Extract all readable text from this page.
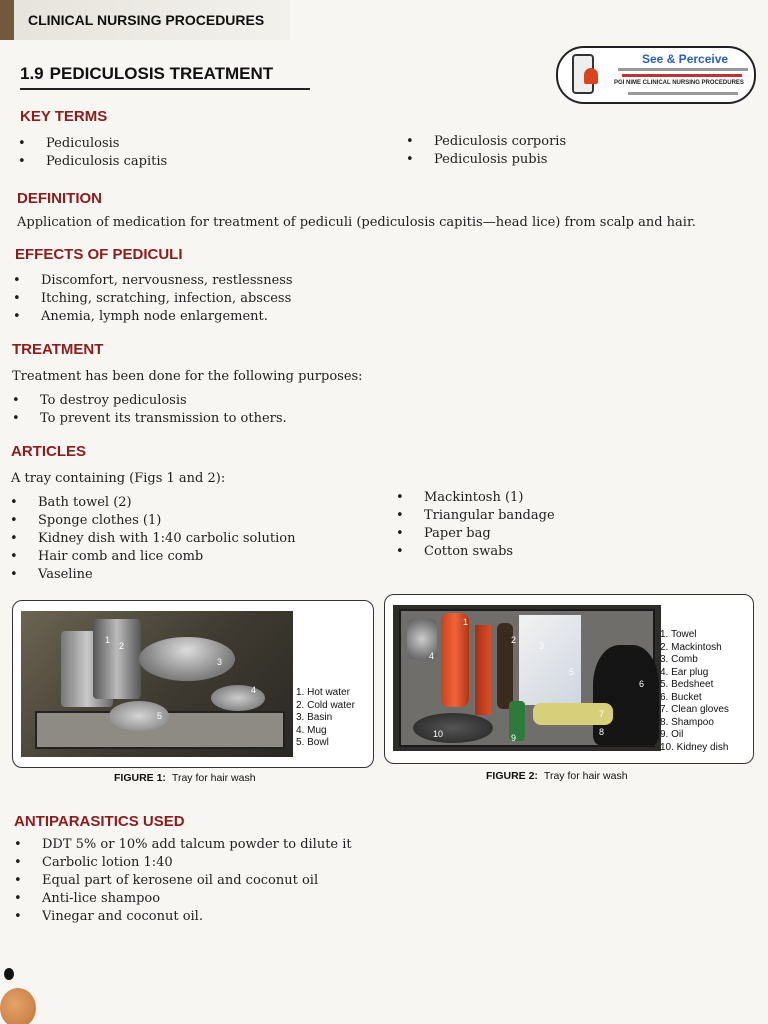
CLINICAL NURSING PROCEDURES
1.9 PEDICULOSIS TREATMENT
See & Perceive
PGI NIME CLINICAL NURSING PROCEDURES
KEY TERMS
• Pediculosis
• Pediculosis capitis
• Pediculosis corporis
• Pediculosis pubis
DEFINITION
Application of medication for treatment of pediculi (pediculosis capitis—head lice) from scalp and hair.
EFFECTS OF PEDICULI
• Discomfort, nervousness, restlessness
• Itching, scratching, infection, abscess
• Anemia, lymph node enlargement.
TREATMENT
Treatment has been done for the following purposes:
• To destroy pediculosis
• To prevent its transmission to others.
ARTICLES
A tray containing (Figs 1 and 2):
• Bath towel (2)
• Sponge clothes (1)
• Kidney dish with 1:40 carbolic solution
• Hair comb and lice comb
• Vaseline
• Mackintosh (1)
• Triangular bandage
• Paper bag
• Cotton swabs
1
2
3
4
5
1. Hot water
2. Cold water
3. Basin
4. Mug
5. Bowl
FIGURE 1: Tray for hair wash
1
2
3
4
5
6
7
8
9
10
1. Towel
2. Mackintosh
3. Comb
4. Ear plug
5. Bedsheet
6. Bucket
7. Clean gloves
8. Shampoo
9. Oil
10. Kidney dish
FIGURE 2: Tray for hair wash
ANTIPARASITICS USED
• DDT 5% or 10% add talcum powder to dilute it
• Carbolic lotion 1:40
• Equal part of kerosene oil and coconut oil
• Anti-lice shampoo
• Vinegar and coconut oil.
